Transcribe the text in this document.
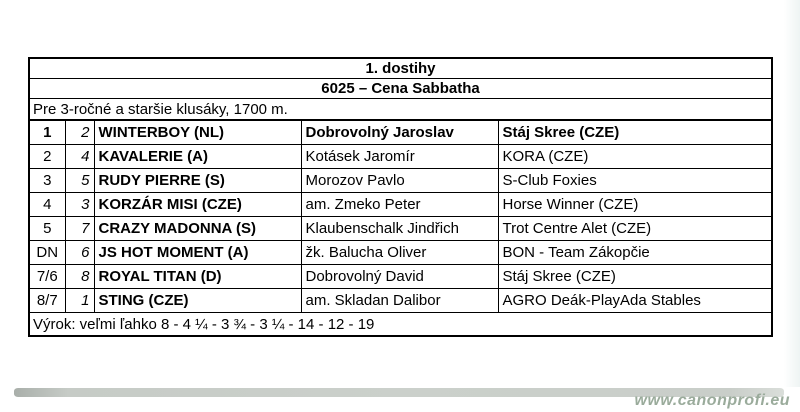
1. dostihy				
6025 – Cena Sabbatha				
Pre 3-ročné a staršie klusáky, 1700 m.				
1	2	WINTERBOY (NL)	Dobrovolný Jaroslav	Stáj Skree (CZE)
2	4	KAVALERIE (A)	Kotásek Jaromír	KORA (CZE)
3	5	RUDY PIERRE (S)	Morozov Pavlo	S-Club Foxies
4	3	KORZÁR MISI (CZE)	am. Zmeko Peter	Horse Winner (CZE)
5	7	CRAZY MADONNA (S)	Klaubenschalk Jindřich	Trot Centre Alet (CZE)
DN	6	JS HOT MOMENT (A)	žk. Balucha Oliver	BON - Team Zákopčie
7/6	8	ROYAL TITAN (D)	Dobrovolný David	Stáj Skree (CZE)
8/7	1	STING (CZE)	am. Skladan Dalibor	AGRO Deák-PlayAda Stables
Výrok: veľmi ľahko 8 - 4 ¼ - 3 ¾ - 3 ¼ - 14 - 12 - 19				
www.canonprofi.eu
